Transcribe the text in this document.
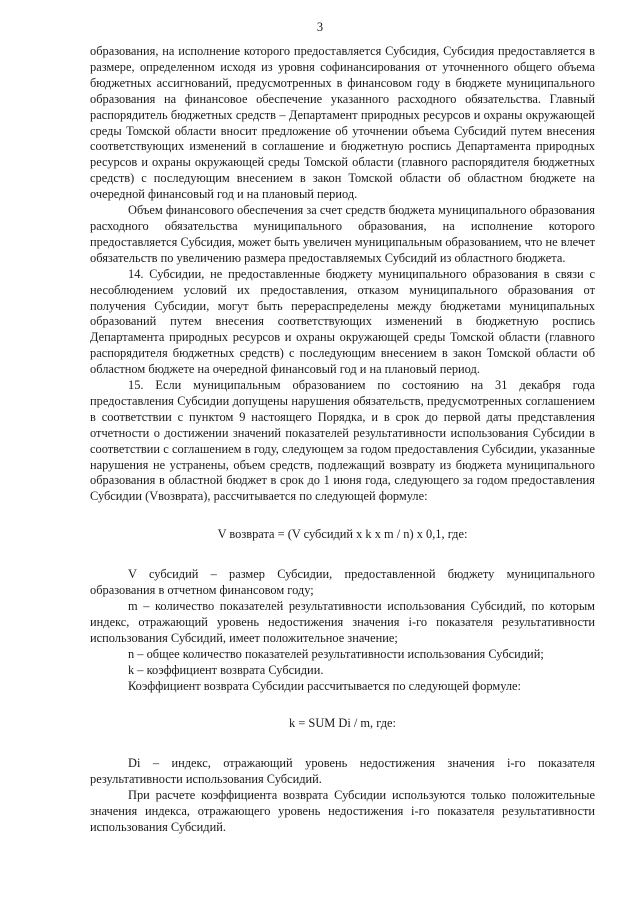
3

образования, на исполнение которого предоставляется Субсидия, Субсидия предоставляется в размере, определенном исходя из уровня софинансирования от уточненного общего объема бюджетных ассигнований, предусмотренных в финансовом году в бюджете муниципального образования на финансовое обеспечение указанного расходного обязательства. Главный распорядитель бюджетных средств – Департамент природных ресурсов и охраны окружающей среды Томской области вносит предложение об уточнении объема Субсидий путем внесения соответствующих изменений в соглашение и бюджетную роспись Департамента природных ресурсов и охраны окружающей среды Томской области (главного распорядителя бюджетных средств) с последующим внесением в закон Томской области об областном бюджете на очередной финансовый год и на плановый период.

Объем финансового обеспечения за счет средств бюджета муниципального образования расходного обязательства муниципального образования, на исполнение которого предоставляется Субсидия, может быть увеличен муниципальным образованием, что не влечет обязательств по увеличению размера предоставляемых Субсидий из областного бюджета.

14. Субсидии, не предоставленные бюджету муниципального образования в связи с несоблюдением условий их предоставления, отказом муниципального образования от получения Субсидии, могут быть перераспределены между бюджетами муниципальных образований путем внесения соответствующих изменений в бюджетную роспись Департамента природных ресурсов и охраны окружающей среды Томской области (главного распорядителя бюджетных средств) с последующим внесением в закон Томской области об областном бюджете на очередной финансовый год и на плановый период.

15. Если муниципальным образованием по состоянию на 31 декабря года предоставления Субсидии допущены нарушения обязательств, предусмотренных соглашением в соответствии с пунктом 9 настоящего Порядка, и в срок до первой даты представления отчетности о достижении значений показателей результативности использования Субсидии в соответствии с соглашением в году, следующем за годом предоставления Субсидии, указанные нарушения не устранены, объем средств, подлежащий возврату из бюджета муниципального образования в областной бюджет в срок до 1 июня года, следующего за годом предоставления Субсидии (Vвозврата), рассчитывается по следующей формуле:

V возврата = (V субсидий x k x m / n) x 0,1, где:

V субсидий – размер Субсидии, предоставленной бюджету муниципального образования в отчетном финансовом году;

m – количество показателей результативности использования Субсидий, по которым индекс, отражающий уровень недостижения значения i-го показателя результативности использования Субсидий, имеет положительное значение;

n – общее количество показателей результативности использования Субсидий;

k – коэффициент возврата Субсидии.

Коэффициент возврата Субсидии рассчитывается по следующей формуле:

k = SUM Di / m, где:

Di – индекс, отражающий уровень недостижения значения i-го показателя результативности использования Субсидий.

При расчете коэффициента возврата Субсидии используются только положительные значения индекса, отражающего уровень недостижения i-го показателя результативности использования Субсидий.
